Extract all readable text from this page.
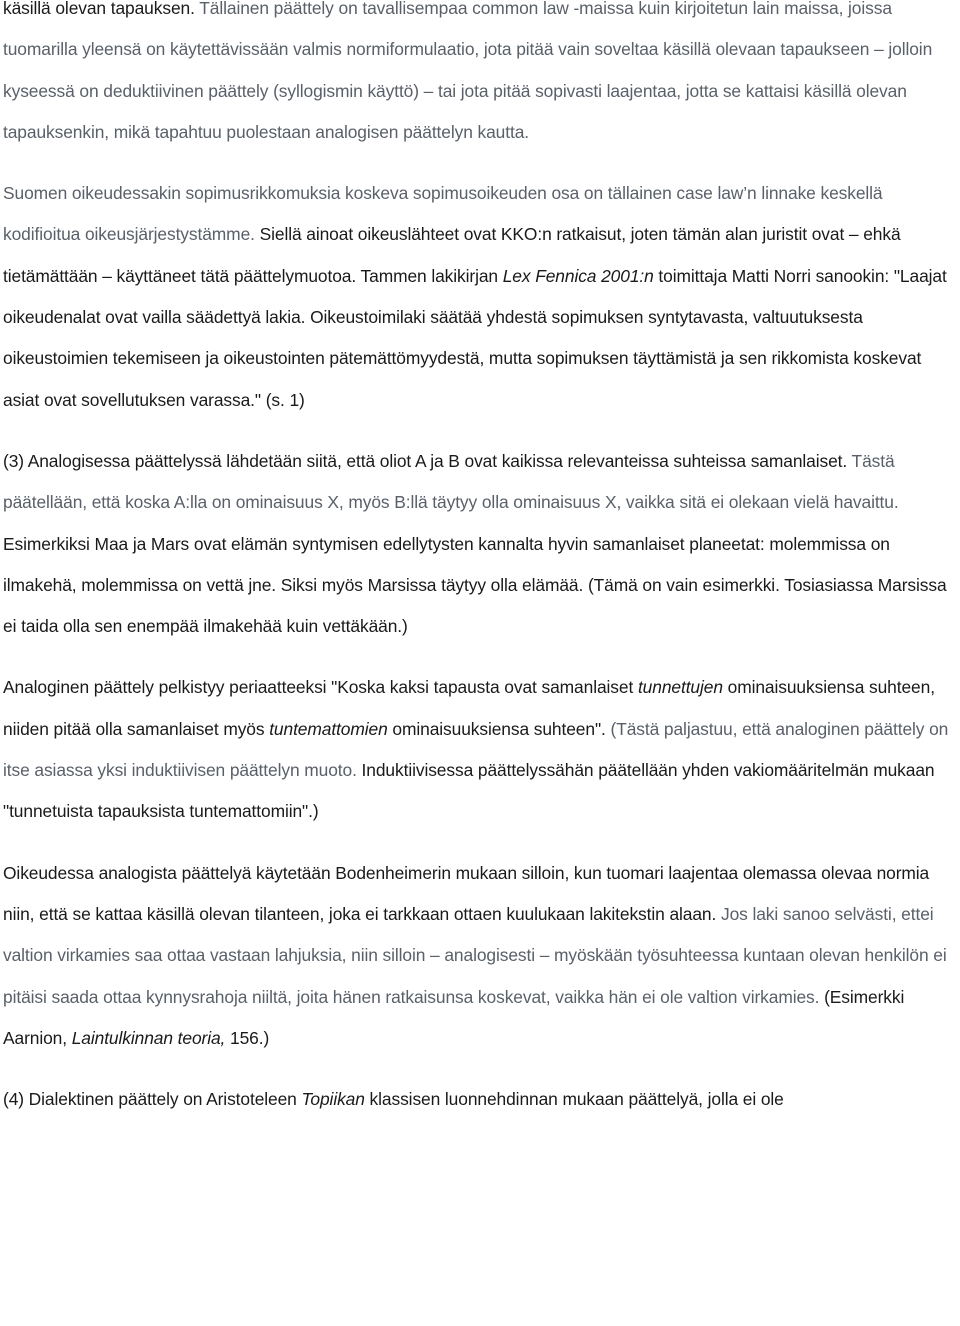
käsillä olevan tapauksen. Tällainen päättely on tavallisempaa common law -maissa kuin kirjoitetun lain maissa, joissa tuomarilla yleensä on käytettävissään valmis normiformulaatio, jota pitää vain soveltaa käsillä olevaan tapaukseen – jolloin kyseessä on deduktiivinen päättely (syllogismin käyttö) – tai jota pitää sopivasti laajentaa, jotta se kattaisi käsillä olevan tapauksenkin, mikä tapahtuu puolestaan analogisen päättelyn kautta.

Suomen oikeudessakin sopimusrikkomuksia koskeva sopimusoikeuden osa on tällainen case law’n linnake keskellä kodifioitua oikeusjärjestystämme. Siellä ainoat oikeuslähteet ovat KKO:n ratkaisut, joten tämän alan juristit ovat – ehkä tietämättään – käyttäneet tätä päättelymuotoa. Tammen lakikirjan Lex Fennica 2001:n toimittaja Matti Norri sanookin: "Laajat oikeudenalat ovat vailla säädettyä lakia. Oikeustoimilaki säätää yhdestä sopimuksen syntytavasta, valtuutuksesta oikeustoimien tekemiseen ja oikeustointen pätemättömyydestä, mutta sopimuksen täyttämistä ja sen rikkomista koskevat asiat ovat sovellutuksen varassa." (s. 1)

(3) Analogisessa päättelyssä lähdetään siitä, että oliot A ja B ovat kaikissa relevanteissa suhteissa samanlaiset. Tästä päätellään, että koska A:lla on ominaisuus X, myös B:llä täytyy olla ominaisuus X, vaikka sitä ei olekaan vielä havaittu. Esimerkiksi Maa ja Mars ovat elämän syntymisen edellytysten kannalta hyvin samanlaiset planeetat: molemmissa on ilmakehä, molemmissa on vettä jne. Siksi myös Marsissa täytyy olla elämää. (Tämä on vain esimerkki. Tosiasiassa Marsissa ei taida olla sen enempää ilmakehää kuin vettäkään.)

Analoginen päättely pelkistyy periaatteeksi "Koska kaksi tapausta ovat samanlaiset tunnettujen ominaisuuksiensa suhteen, niiden pitää olla samanlaiset myös tuntemattomien ominaisuuksiensa suhteen". (Tästä paljastuu, että analoginen päättely on itse asiassa yksi induktiivisen päättelyn muoto. Induktiivisessa päättelyssähän päätellään yhden vakiomääritelmän mukaan "tunnetuista tapauksista tuntemattomiin".)

Oikeudessa analogista päättelyä käytetään Bodenheimerin mukaan silloin, kun tuomari laajentaa olemassa olevaa normia niin, että se kattaa käsillä olevan tilanteen, joka ei tarkkaan ottaen kuulukaan lakitekstin alaan. Jos laki sanoo selvästi, ettei valtion virkamies saa ottaa vastaan lahjuksia, niin silloin – analogisesti – myöskään työsuhteessa kuntaan olevan henkilön ei pitäisi saada ottaa kynnysrahoja niiltä, joita hänen ratkaisunsa koskevat, vaikka hän ei ole valtion virkamies. (Esimerkki Aarnion, Laintulkinnan teoria, 156.)

(4) Dialektinen päättely on Aristoteleen Topiikan klassisen luonnehdinnan mukaan päättelyä, jolla ei ole
